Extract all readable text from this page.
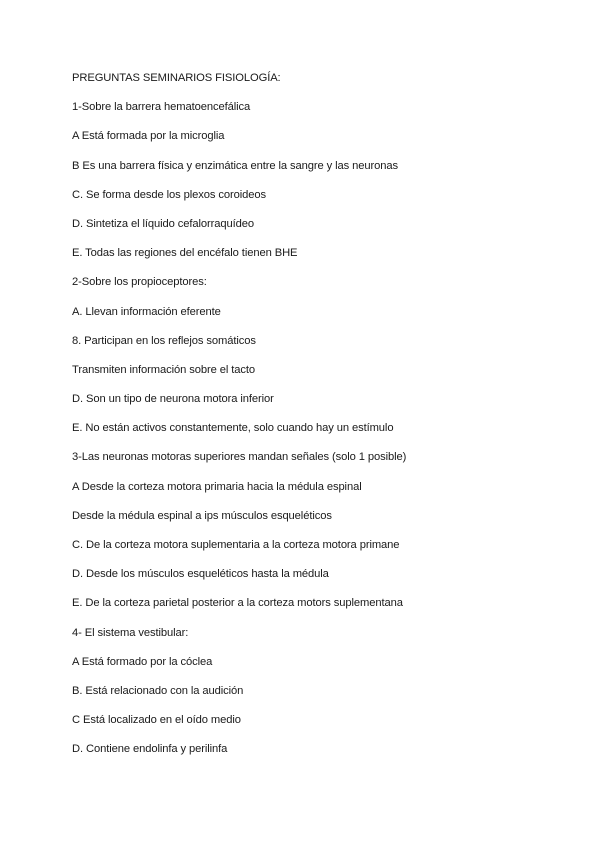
PREGUNTAS SEMINARIOS FISIOLOGÍA:
1-Sobre la barrera hematoencefálica
A Está formada por la microglia
B Es una barrera física y enzimática entre la sangre y las neuronas
C. Se forma desde los plexos coroideos
D. Sintetiza el líquido cefalorraquídeo
E. Todas las regiones del encéfalo tienen BHE
2-Sobre los propioceptores:
A. Llevan información eferente
8. Participan en los reflejos somáticos
Transmiten información sobre el tacto
D. Son un tipo de neurona motora inferior
E. No están activos constantemente, solo cuando hay un estímulo
3-Las neuronas motoras superiores mandan señales (solo 1 posible)
A Desde la corteza motora primaria hacia la médula espinal
Desde la médula espinal a ips músculos esqueléticos
C. De la corteza motora suplementaria a la corteza motora primane
D. Desde los músculos esqueléticos hasta la médula
E. De la corteza parietal posterior a la corteza motors suplementana
4- El sistema vestibular:
A Está formado por la cóclea
B. Está relacionado con la audición
C Está localizado en el oído medio
D. Contiene endolinfa y perilinfa
